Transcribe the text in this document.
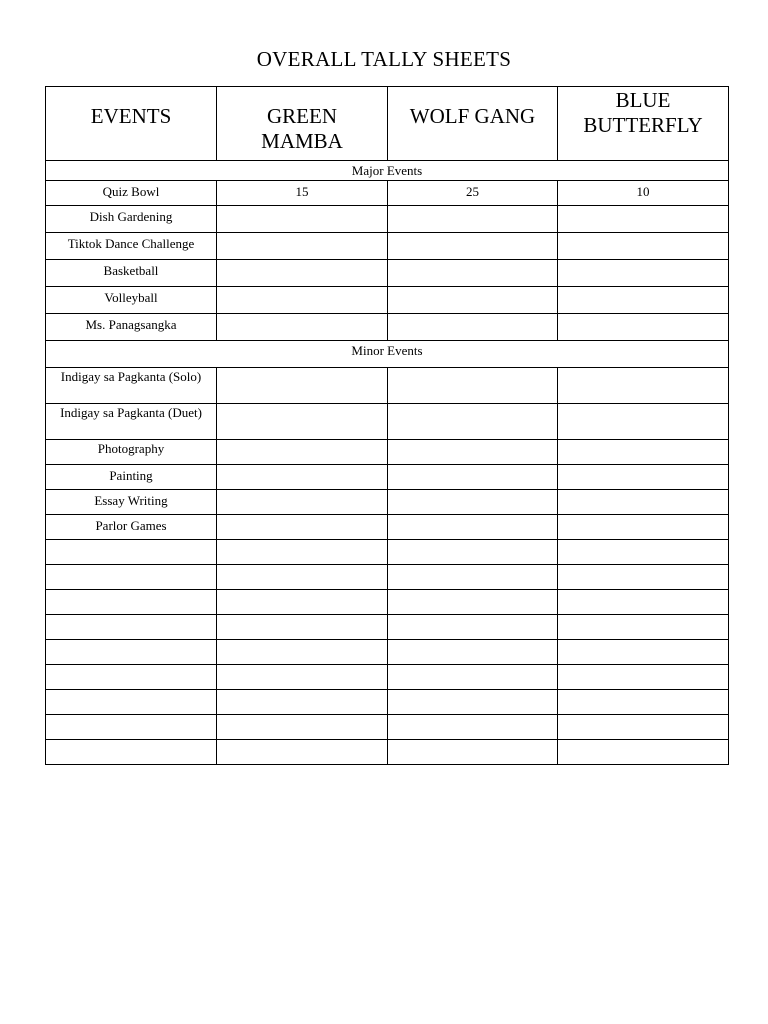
OVERALL TALLY SHEETS
EVENTS	GREEN MAMBA	WOLF GANG	BLUE BUTTERFLY

Major Events			

Quiz Bowl	15	25	10

Dish Gardening			

Tiktok Dance Challenge			

Basketball			

Volleyball			

Ms. Panagsangka			

Minor Events			

Indigay sa Pagkanta (Solo)			

Indigay sa Pagkanta (Duet)			

Photography			

Painting			

Essay Writing			

Parlor Games			
